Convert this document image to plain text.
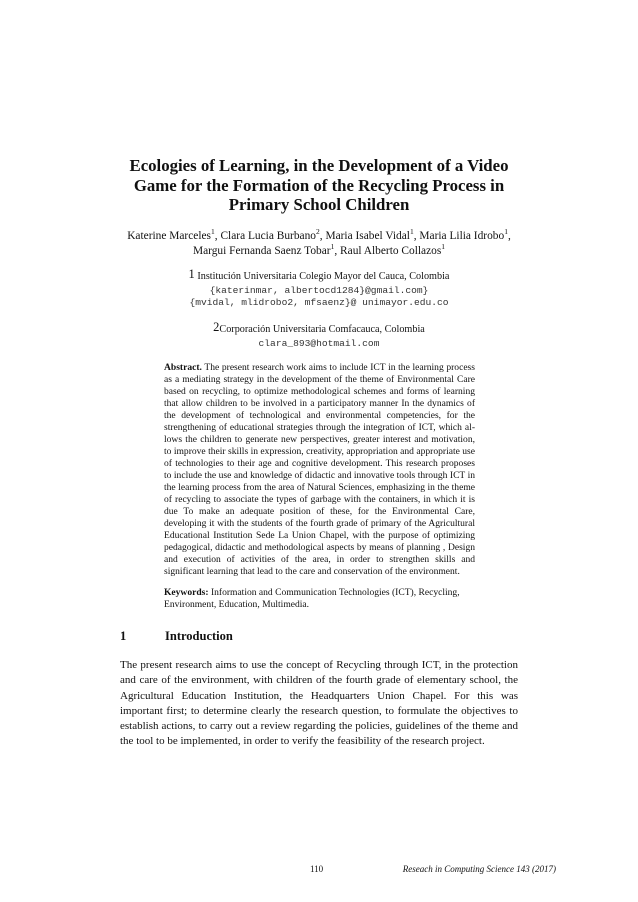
Ecologies of Learning, in the Development of a Video Game for the Formation of the Recycling Process in Primary School Children

Katerine Marceles$^1$, Clara Lucia Burbano$^2$, Maria Isabel Vidal$^1$, Maria Lilia Idrobo$^1$,
Margui Fernanda Saenz Tobar$^1$, Raul Alberto Collazos$^1$

1 Institución Universitaria Colegio Mayor del Cauca, Colombia

{katerinmar, albertocd1284}@gmail.com}
{mvidal, mlidrobo2, mfsaenz}@ unimayor.edu.co

2Corporación Universitaria Comfacauca, Colombia

clara_893@hotmail.com

Abstract. The present research work aims to include ICT in the learning process as a mediating strategy in the development of the theme of Environmental Care based on recycling, to optimize methodological schemes and forms of learning that allow children to be involved in a participatory manner In the dynamics of the development of technological and environmental competencies, for the strengthening of educational strategies through the integration of ICT, which al-lows the children to generate new perspectives, greater interest and motivation, to improve their skills in expression, creativity, appropriation and appropriate use of technologies to their age and cognitive development. This research proposes to include the use and knowledge of didactic and innovative tools through ICT in the learning process from the area of Natural Sciences, emphasizing in the theme of recycling to associate the types of garbage with the containers, in which it is due To make an adequate position of these, for the Environmental Care, developing it with the students of the fourth grade of primary of the Agricultural Educational Institution Sede La Union Chapel, with the purpose of optimizing pedagogical, didactic and methodological aspects by means of planning , Design and execution of activities of the area, in order to strengthen skills and significant learning that lead to the care and conservation of the environment.

Keywords: Information and Communication Technologies (ICT), Recycling, Environment, Education, Multimedia.

1	Introduction

The present research aims to use the concept of Recycling through ICT, in the protection and care of the environment, with children of the fourth grade of elementary school, the Agricultural Education Institution, the Headquarters Union Chapel. For this was important first; to determine clearly the research question, to formulate the objectives to establish actions, to carry out a review regarding the policies, guidelines of the theme and the tool to be implemented, in order to verify the feasibility of the research project.

110	Reseach in Computing Science 143 (2017)
